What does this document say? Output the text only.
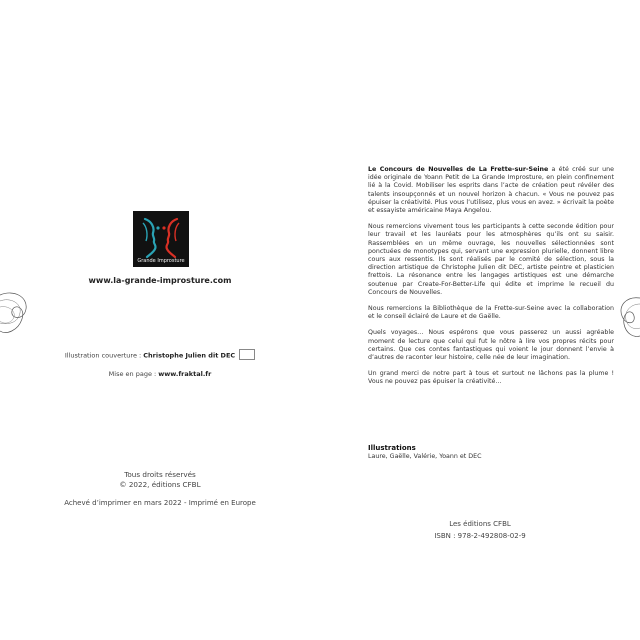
Grande Improsture
www.la-grande-improsture.com
Illustration couverture : Christophe Julien dit DEC
Mise en page : www.fraktal.fr
Tous droits réservés
© 2022, éditions CFBL
Achevé d’imprimer en mars 2022 - Imprimé en Europe

Le Concours de Nouvelles de La Frette-sur-Seine a été créé sur une idée originale de Yoann Petit de La Grande Improsture, en plein confinement lié à la Covid. Mobiliser les esprits dans l’acte de création peut révéler des talents insoupçonnés et un nouvel horizon à chacun. « Vous ne pouvez pas épuiser la créativité. Plus vous l’utilisez, plus vous en avez. » écrivait la poète et essayiste américaine Maya Angelou.

Nous remercions vivement tous les participants à cette seconde édition pour leur travail et les lauréats pour les atmosphères qu’ils ont su saisir. Rassemblées en un même ouvrage, les nouvelles sélectionnées sont ponctuées de monotypes qui, servant une expression plurielle, donnent libre cours aux ressentis. Ils sont réalisés par le comité de sélection, sous la direction artistique de Christophe Julien dit DEC, artiste peintre et plasticien frettois. La résonance entre les langages artistiques est une démarche soutenue par Create-For-Better-Life qui édite et imprime le recueil du Concours de Nouvelles.

Nous remercions la Bibliothèque de la Frette-sur-Seine avec la collaboration et le conseil éclairé de Laure et de Gaëlle.

Quels voyages… Nous espérons que vous passerez un aussi agréable moment de lecture que celui qui fut le nôtre à lire vos propres récits pour certains. Que ces contes fantastiques qui voient le jour donnent l’envie à d’autres de raconter leur histoire, celle née de leur imagination.

Un grand merci de notre part à tous et surtout ne lâchons pas la plume ! Vous ne pouvez pas épuiser la créativité…

Illustrations

Laure, Gaëlle, Valérie, Yoann et DEC

Les éditions CFBL
ISBN : 978-2-492808-02-9
